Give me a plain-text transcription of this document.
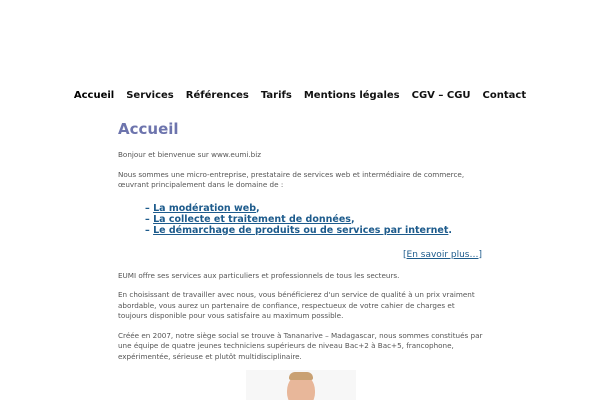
Accueil	Services	Références	Tarifs	Mentions légales	CGV – CGU	Contact
Accueil

Bonjour et bienvenue sur www.eumi.biz

Nous sommes une micro-entreprise, prestataire de services web et intermédiaire de commerce, œuvrant principalement dans le domaine de :

– La modération web,
– La collecte et traitement de données,
– Le démarchage de produits ou de services par internet.
[En savoir plus…]

EUMI offre ses services aux particuliers et professionnels de tous les secteurs.

En choisissant de travailler avec nous, vous bénéficierez d'un service de qualité à un prix vraiment abordable, vous aurez un partenaire de confiance, respectueux de votre cahier de charges et toujours disponible pour vous satisfaire au maximum possible.

Créée en 2007, notre siège social se trouve à Tananarive – Madagascar, nous sommes constitués par une équipe de quatre jeunes techniciens supérieurs de niveau Bac+2 à Bac+5, francophone, expérimentée, sérieuse et plutôt multidisciplinaire.
